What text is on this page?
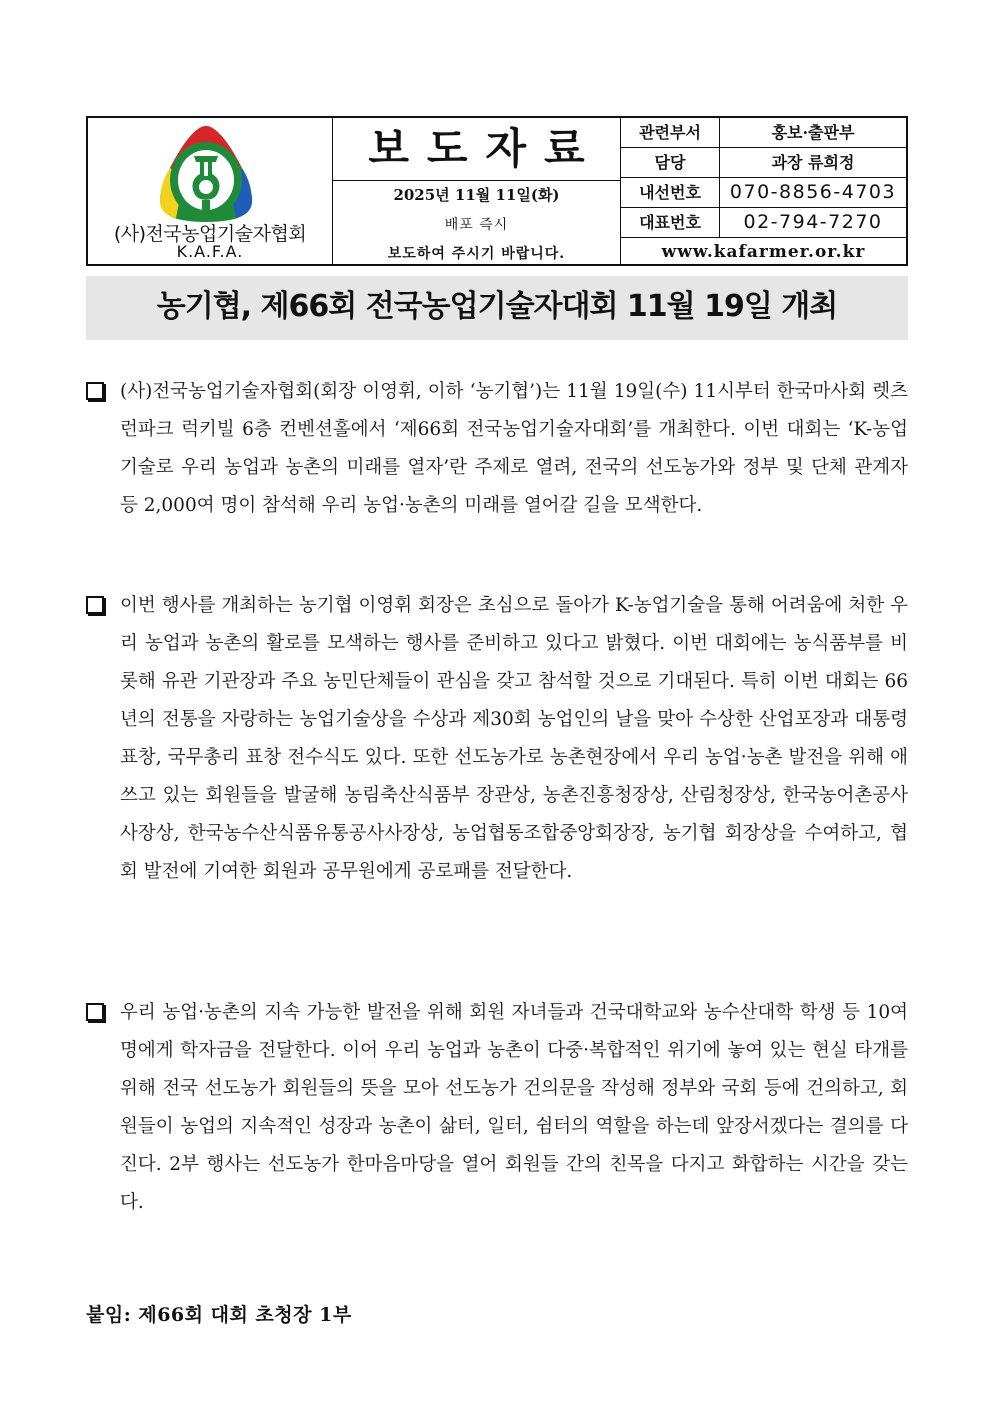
(사)전국농업기술자협회
K.A.F.A.
보도자료
2025년 11월 11일(화)
배포 즉시
보도하여 주시기 바랍니다.
관련부서	홍보·출판부
담당	과장 류희정
내선번호	070-8856-4703
대표번호	02-794-7270
www.kafarmer.or.kr
농기협, 제66회 전국농업기술자대회 11월 19일 개최
(사)전국농업기술자협회(회장 이영휘, 이하 ‘농기협’)는 11월 19일(수) 11시부터 한국마사회 렛츠런파크 럭키빌 6층 컨벤션홀에서 ‘제66회 전국농업기술자대회’를 개최한다. 이번 대회는 ‘K-농업기술로 우리 농업과 농촌의 미래를 열자’란 주제로 열려, 전국의 선도농가와 정부 및 단체 관계자 등 2,000여 명이 참석해 우리 농업·농촌의 미래를 열어갈 길을 모색한다.
이번 행사를 개최하는 농기협 이영휘 회장은 초심으로 돌아가 K-농업기술을 통해 어려움에 처한 우리 농업과 농촌의 활로를 모색하는 행사를 준비하고 있다고 밝혔다. 이번 대회에는 농식품부를 비롯해 유관 기관장과 주요 농민단체들이 관심을 갖고 참석할 것으로 기대된다. 특히 이번 대회는 66년의 전통을 자랑하는 농업기술상을 수상과 제30회 농업인의 날을 맞아 수상한 산업포장과 대통령 표창, 국무총리 표창 전수식도 있다. 또한 선도농가로 농촌현장에서 우리 농업·농촌 발전을 위해 애쓰고 있는 회원들을 발굴해 농림축산식품부 장관상, 농촌진흥청장상, 산림청장상, 한국농어촌공사사장상, 한국농수산식품유통공사사장상, 농업협동조합중앙회장장, 농기협 회장상을 수여하고, 협회 발전에 기여한 회원과 공무원에게 공로패를 전달한다.
우리 농업·농촌의 지속 가능한 발전을 위해 회원 자녀들과 건국대학교와 농수산대학 학생 등 10여명에게 학자금을 전달한다. 이어 우리 농업과 농촌이 다중·복합적인 위기에 놓여 있는 현실 타개를 위해 전국 선도농가 회원들의 뜻을 모아 선도농가 건의문을 작성해 정부와 국회 등에 건의하고, 회원들이 농업의 지속적인 성장과 농촌이 삶터, 일터, 쉼터의 역할을 하는데 앞장서겠다는 결의를 다진다. 2부 행사는 선도농가 한마음마당을 열어 회원들 간의 친목을 다지고 화합하는 시간을 갖는다.
붙임: 제66회 대회 초청장 1부
